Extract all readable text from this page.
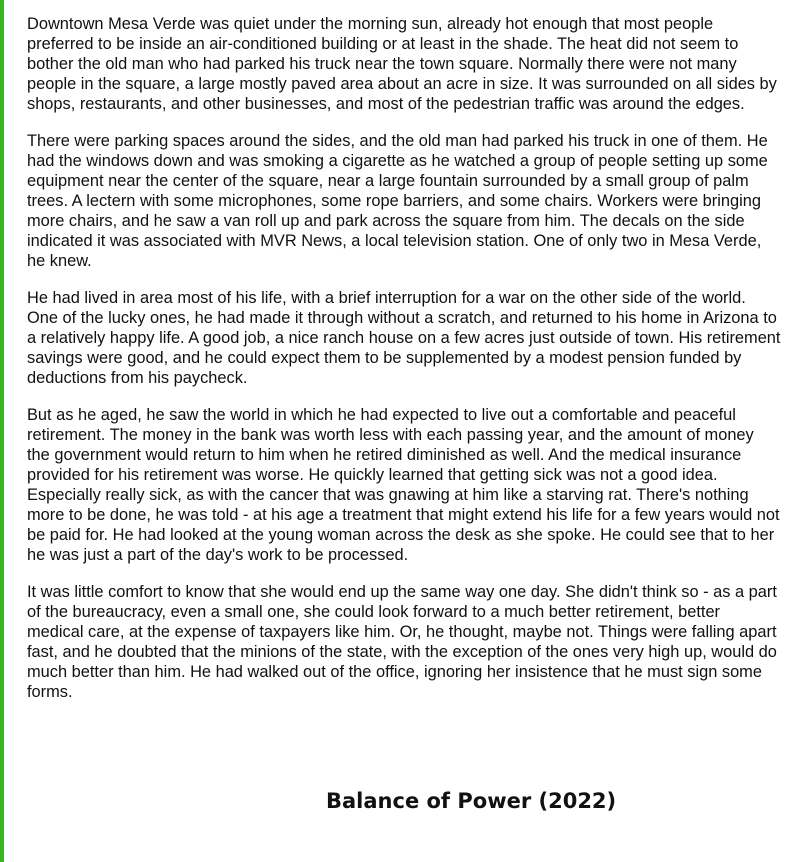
Downtown Mesa Verde was quiet under the morning sun, already hot enough that most people preferred to be inside an air-conditioned building or at least in the shade. The heat did not seem to bother the old man who had parked his truck near the town square. Normally there were not many people in the square, a large mostly paved area about an acre in size. It was surrounded on all sides by shops, restaurants, and other businesses, and most of the pedestrian traffic was around the edges.

There were parking spaces around the sides, and the old man had parked his truck in one of them. He had the windows down and was smoking a cigarette as he watched a group of people setting up some equipment near the center of the square, near a large fountain surrounded by a small group of palm trees. A lectern with some microphones, some rope barriers, and some chairs. Workers were bringing more chairs, and he saw a van roll up and park across the square from him. The decals on the side indicated it was associated with MVR News, a local television station. One of only two in Mesa Verde, he knew.

He had lived in area most of his life, with a brief interruption for a war on the other side of the world. One of the lucky ones, he had made it through without a scratch, and returned to his home in Arizona to a relatively happy life. A good job, a nice ranch house on a few acres just outside of town. His retirement savings were good, and he could expect them to be supplemented by a modest pension funded by deductions from his paycheck.

But as he aged, he saw the world in which he had expected to live out a comfortable and peaceful retirement. The money in the bank was worth less with each passing year, and the amount of money the government would return to him when he retired diminished as well. And the medical insurance provided for his retirement was worse. He quickly learned that getting sick was not a good idea. Especially really sick, as with the cancer that was gnawing at him like a starving rat. There's nothing more to be done, he was told - at his age a treatment that might extend his life for a few years would not be paid for. He had looked at the young woman across the desk as she spoke. He could see that to her he was just a part of the day's work to be processed.

It was little comfort to know that she would end up the same way one day. She didn't think so - as a part of the bureaucracy, even a small one, she could look forward to a much better retirement, better medical care, at the expense of taxpayers like him. Or, he thought, maybe not. Things were falling apart fast, and he doubted that the minions of the state, with the exception of the ones very high up, would do much better than him. He had walked out of the office, ignoring her insistence that he must sign some forms.

Balance of Power (2022)
